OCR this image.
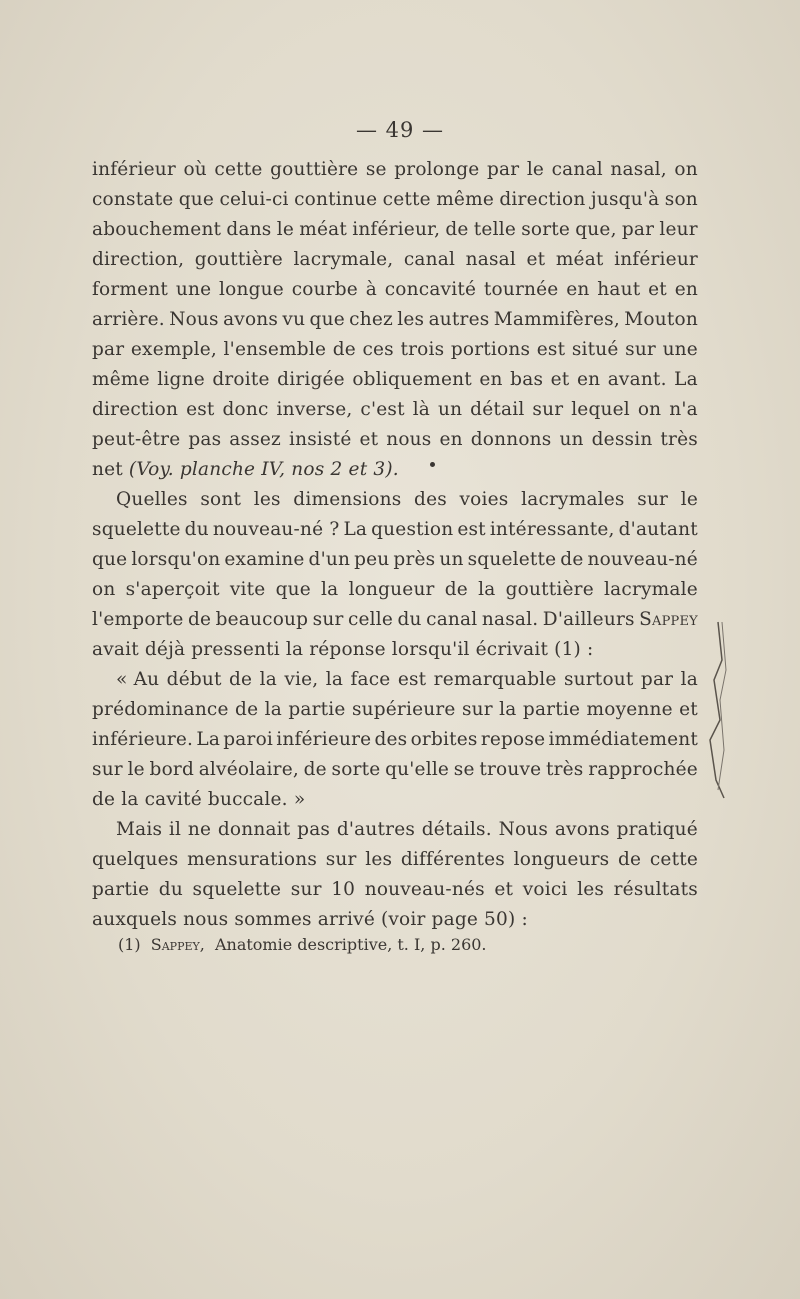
— 49 —
inférieur où cette gouttière se prolonge par le canal nasal, on
constate que celui-ci continue cette même direction jusqu'à son
abouchement dans le méat inférieur, de telle sorte que, par leur
direction, gouttière lacrymale, canal nasal et méat inférieur
forment une longue courbe à concavité tournée en haut et en
arrière. Nous avons vu que chez les autres Mammifères, Mouton
par exemple, l'ensemble de ces trois portions est situé sur une
même ligne droite dirigée obliquement en bas et en avant. La
direction est donc inverse, c'est là un détail sur lequel on n'a
peut-être pas assez insisté et nous en donnons un dessin très
net (Voy. planche IV, nos 2 et 3).
Quelles sont les dimensions des voies lacrymales sur le
squelette du nouveau-né ? La question est intéressante, d'autant
que lorsqu'on examine d'un peu près un squelette de nouveau-né
on s'aperçoit vite que la longueur de la gouttière lacrymale
l'emporte de beaucoup sur celle du canal nasal. D'ailleurs Sappey
avait déjà pressenti la réponse lorsqu'il écrivait (1) :
« Au début de la vie, la face est remarquable surtout par la
prédominance de la partie supérieure sur la partie moyenne et
inférieure. La paroi inférieure des orbites repose immédiatement
sur le bord alvéolaire, de sorte qu'elle se trouve très rapprochée
de la cavité buccale. »
Mais il ne donnait pas d'autres détails. Nous avons pratiqué
quelques mensurations sur les différentes longueurs de cette
partie du squelette sur 10 nouveau-nés et voici les résultats
auxquels nous sommes arrivé (voir page 50) :
(1) Sappey, Anatomie descriptive, t. I, p. 260.
